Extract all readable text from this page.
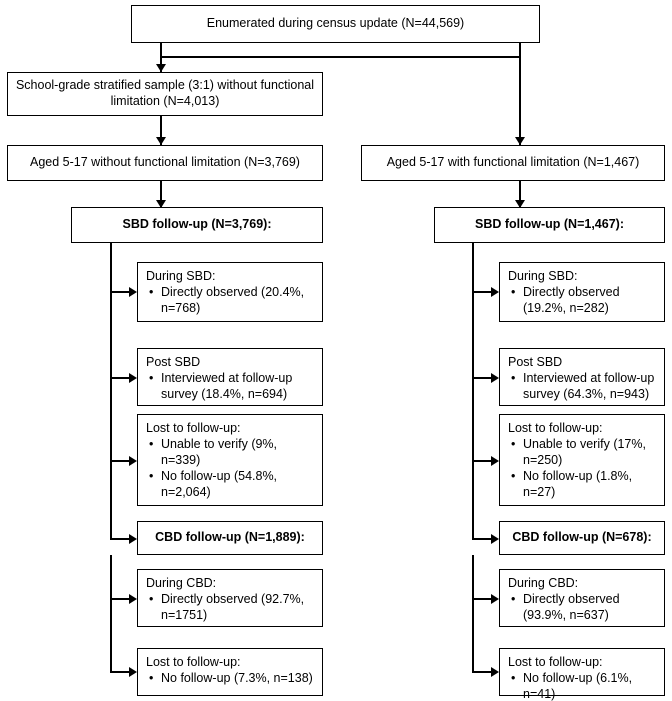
Enumerated during census update (N=44,569)
School-grade stratified sample (3:1) without functional limitation (N=4,013)
Aged 5-17 without functional limitation (N=3,769)	Aged 5-17 with functional limitation (N=1,467)
SBD follow-up (N=3,769):	SBD follow-up (N=1,467):
During SBD:
• Directly observed (20.4%, n=768)
Post SBD
• Interviewed at follow-up survey (18.4%, n=694)
Lost to follow-up:
• Unable to verify (9%, n=339)
• No follow-up (54.8%, n=2,064)
CBD follow-up (N=1,889):
During CBD:
• Directly observed (92.7%, n=1751)
Lost to follow-up:
• No follow-up (7.3%, n=138)
During SBD:
• Directly observed (19.2%, n=282)
Post SBD
• Interviewed at follow-up survey (64.3%, n=943)
Lost to follow-up:
• Unable to verify (17%, n=250)
• No follow-up (1.8%, n=27)
CBD follow-up (N=678):
During CBD:
• Directly observed (93.9%, n=637)
Lost to follow-up:
• No follow-up (6.1%, n=41)
